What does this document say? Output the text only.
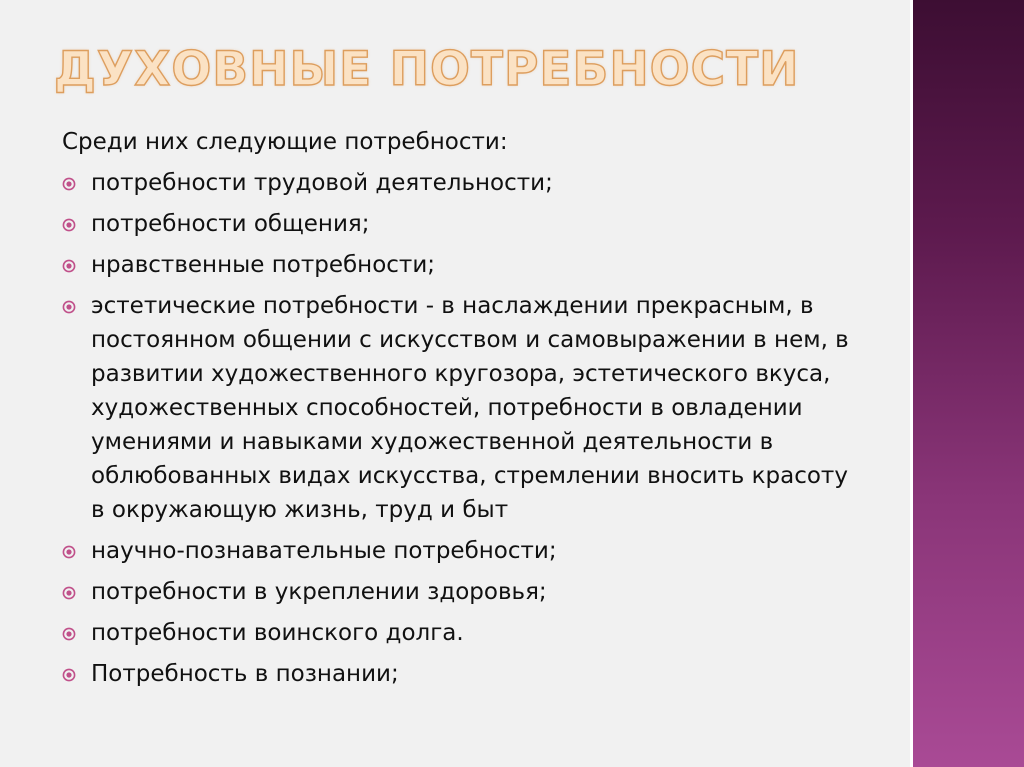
ДУХОВНЫЕ ПОТРЕБНОСТИ

Среди них следующие потребности:

потребности трудовой деятельности;
потребности общения;
нравственные потребности;
эстетические потребности - в наслаждении прекрасным, в постоянном общении с искусством и самовыражении в нем, в развитии художественного кругозора, эстетического вкуса, художественных способностей, потребности в овладении умениями и навыками художественной деятельности в облюбованных видах искусства, стремлении вносить красоту в окружающую жизнь, труд и быт
научно-познавательные потребности;
потребности в укреплении здоровья;
потребности воинского долга.
Потребность в познании;
